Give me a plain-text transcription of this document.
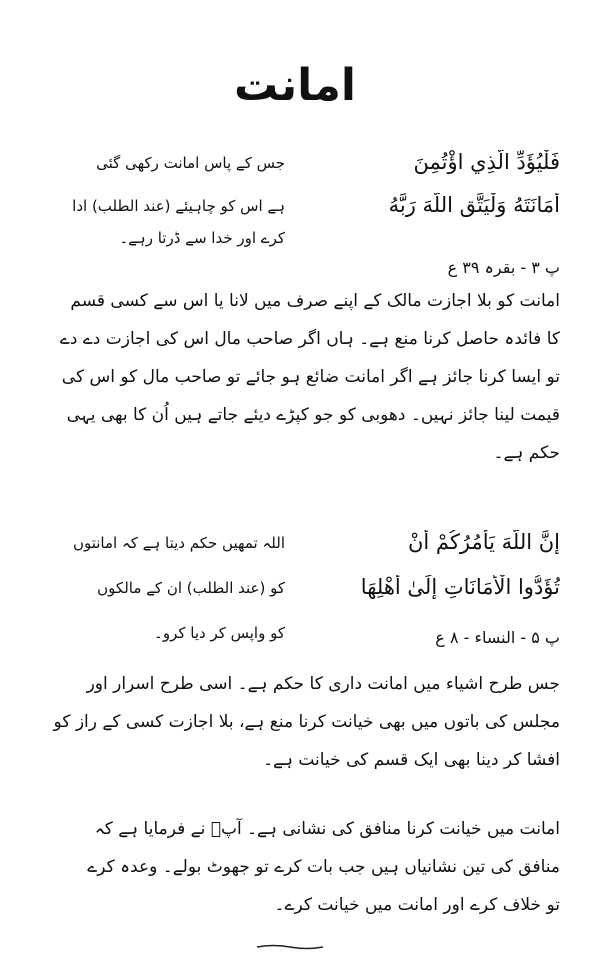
امانت
فَلْيُؤَدِّ الَّذِي اؤْتُمِنَ
جس کے پاس امانت رکھی گئی
أَمَانَتَهُ وَلْيَتَّقِ اللَّهَ رَبَّهُ
ہے اس کو چاہیئے (عند الطلب) ادا
کرے اور خدا سے ڈرتا رہے۔
پ ۳ - بقرہ ۳۹ ع
امانت کو بلا اجازت مالک کے اپنے صرف میں لانا یا اس سے کسی قسم
کا فائدہ حاصل کرنا منع ہے۔ ہاں اگر صاحب مال اس کی اجازت دے دے
تو ایسا کرنا جائز ہے اگر امانت ضائع ہو جائے تو صاحب مال کو اس کی
قیمت لینا جائز نہیں۔ دھوبی کو جو کپڑے دیئے جاتے ہیں اُن کا بھی یہی
حکم ہے۔
إِنَّ اللَّهَ يَأْمُرُكُمْ أَنْ
اللہ تمھیں حکم دیتا ہے کہ امانتوں
تُؤَدُّوا الْأَمَانَاتِ إِلَىٰ أَهْلِهَا
کو (عند الطلب) ان کے مالکوں
کو واپس کر دیا کرو۔	پ ۵ - النساء - ۸ ع
جس طرح اشیاء میں امانت داری کا حکم ہے۔ اسی طرح اسرار اور
مجلس کی باتوں میں بھی خیانت کرنا منع ہے، بلا اجازت کسی کے راز کو
افشا کر دینا بھی ایک قسم کی خیانت ہے۔
امانت میں خیانت کرنا منافق کی نشانی ہے۔ آپؐ نے فرمایا ہے کہ
منافق کی تین نشانیاں ہیں جب بات کرے تو جھوٹ بولے۔ وعدہ کرے
تو خلاف کرے اور امانت میں خیانت کرے۔
